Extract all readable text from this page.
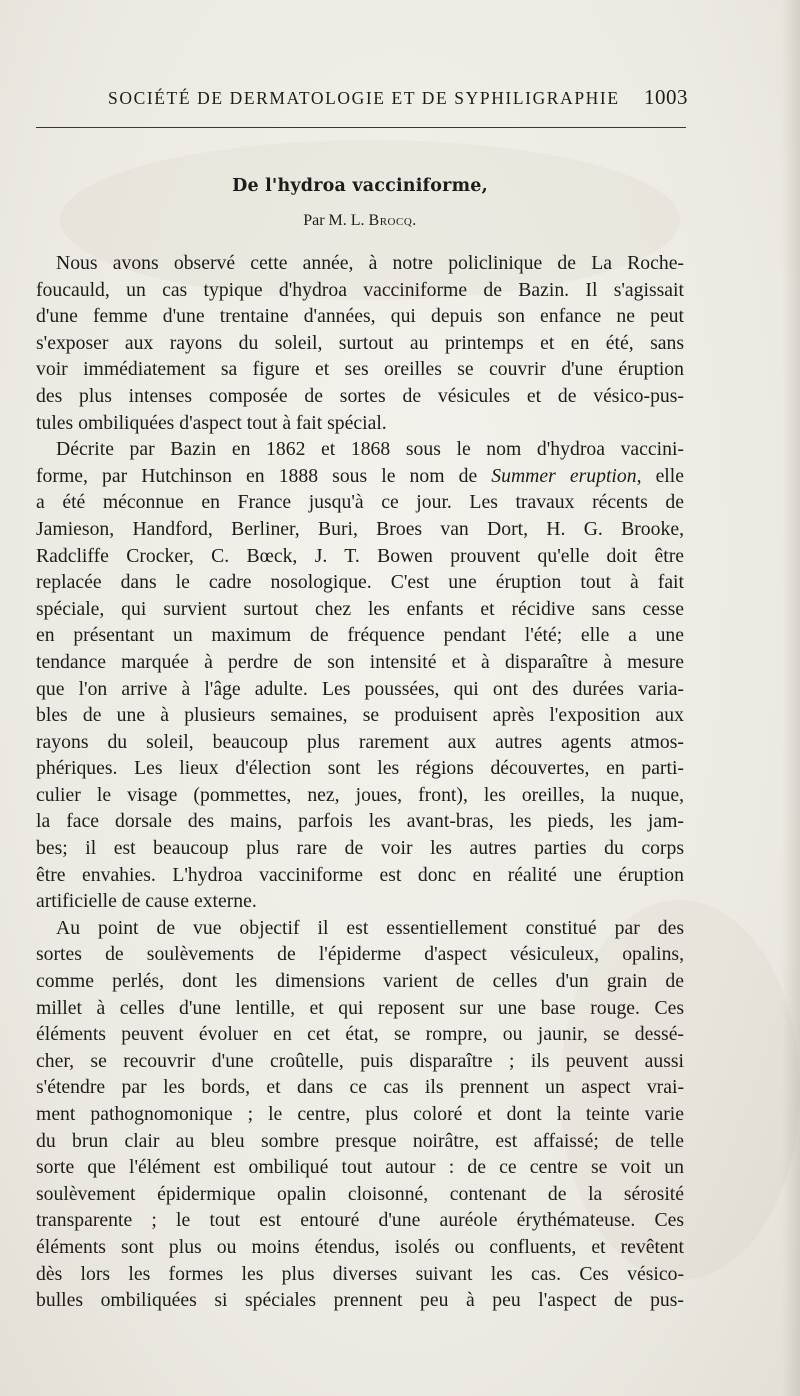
SOCIÉTÉ DE DERMATOLOGIE ET DE SYPHILIGRAPHIE 1003
De l'hydroa vacciniforme,
Par M. L. Brocq.
Nous avons observé cette année, à notre policlinique de La Roche-
foucauld, un cas typique d'hydroa vacciniforme de Bazin. Il s'agissait
d'une femme d'une trentaine d'années, qui depuis son enfance ne peut
s'exposer aux rayons du soleil, surtout au printemps et en été, sans
voir immédiatement sa figure et ses oreilles se couvrir d'une éruption
des plus intenses composée de sortes de vésicules et de vésico-pus-
tules ombiliquées d'aspect tout à fait spécial.
Décrite par Bazin en 1862 et 1868 sous le nom d'hydroa vaccini-
forme, par Hutchinson en 1888 sous le nom de Summer eruption, elle
a été méconnue en France jusqu'à ce jour. Les travaux récents de
Jamieson, Handford, Berliner, Buri, Broes van Dort, H. G. Brooke,
Radcliffe Crocker, C. Bœck, J. T. Bowen prouvent qu'elle doit être
replacée dans le cadre nosologique. C'est une éruption tout à fait
spéciale, qui survient surtout chez les enfants et récidive sans cesse
en présentant un maximum de fréquence pendant l'été; elle a une
tendance marquée à perdre de son intensité et à disparaître à mesure
que l'on arrive à l'âge adulte. Les poussées, qui ont des durées varia-
bles de une à plusieurs semaines, se produisent après l'exposition aux
rayons du soleil, beaucoup plus rarement aux autres agents atmos-
phériques. Les lieux d'élection sont les régions découvertes, en parti-
culier le visage (pommettes, nez, joues, front), les oreilles, la nuque,
la face dorsale des mains, parfois les avant-bras, les pieds, les jam-
bes; il est beaucoup plus rare de voir les autres parties du corps
être envahies. L'hydroa vacciniforme est donc en réalité une éruption
artificielle de cause externe.
Au point de vue objectif il est essentiellement constitué par des
sortes de soulèvements de l'épiderme d'aspect vésiculeux, opalins,
comme perlés, dont les dimensions varient de celles d'un grain de
millet à celles d'une lentille, et qui reposent sur une base rouge. Ces
éléments peuvent évoluer en cet état, se rompre, ou jaunir, se dessé-
cher, se recouvrir d'une croûtelle, puis disparaître ; ils peuvent aussi
s'étendre par les bords, et dans ce cas ils prennent un aspect vrai-
ment pathognomonique ; le centre, plus coloré et dont la teinte varie
du brun clair au bleu sombre presque noirâtre, est affaissé; de telle
sorte que l'élément est ombiliqué tout autour : de ce centre se voit un
soulèvement épidermique opalin cloisonné, contenant de la sérosité
transparente ; le tout est entouré d'une auréole érythémateuse. Ces
éléments sont plus ou moins étendus, isolés ou confluents, et revêtent
dès lors les formes les plus diverses suivant les cas. Ces vésico-
bulles ombiliquées si spéciales prennent peu à peu l'aspect de pus-
